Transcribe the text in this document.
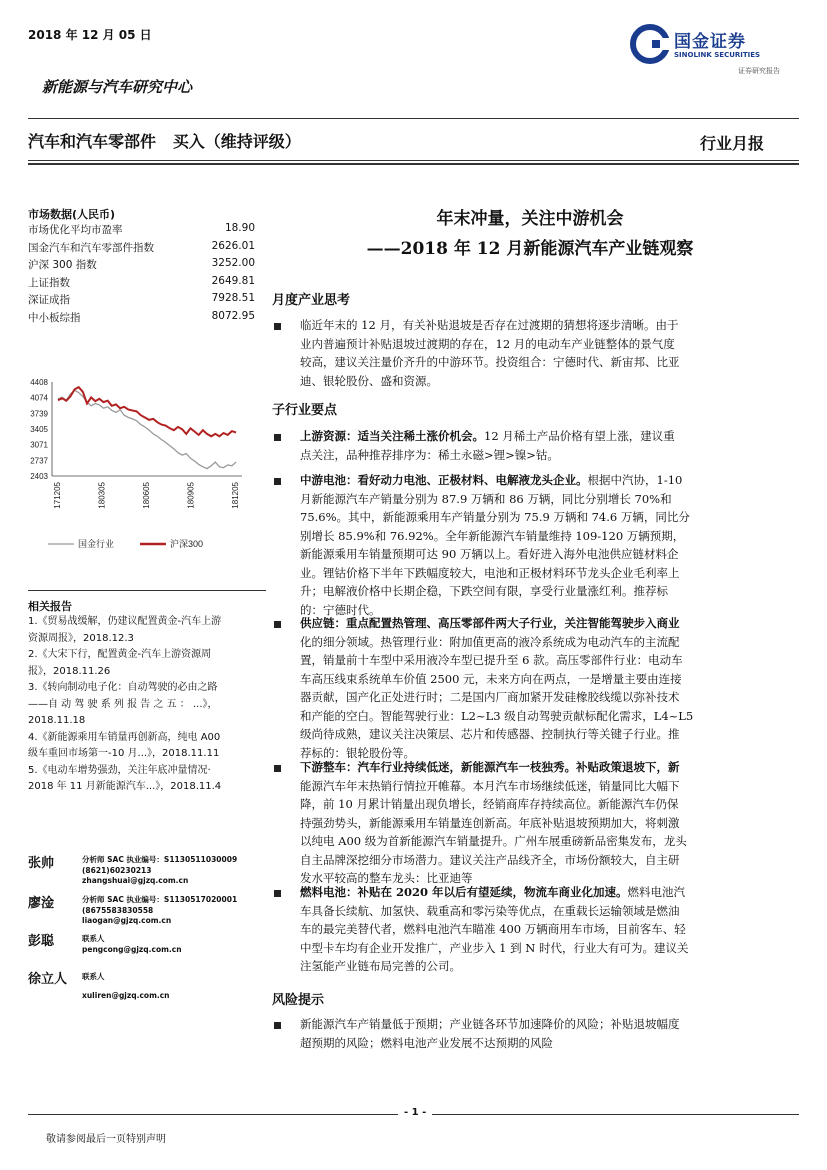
2018 年 12 月 05 日	国金证券
SINOLINK SECURITIES
证券研究报告
新能源与汽车研究中心
汽车和汽车零部件   买入（维持评级）	行业月报
市场数据(人民币)
市场优化平均市盈率	18.90
国金汽车和汽车零部件指数	2626.01
沪深 300 指数	3252.00
上证指数	2649.81
深证成指	7928.51
中小板综指	8072.95
4408
4074
3739
3405
3071
2737
2403
171205	180305	180605	180905	181205
国金行业	沪深300
相关报告
1.《贸易战缓解，仍建议配置黄金-汽车上游
资源周报》，2018.12.3
2.《大宋下行，配置黄金-汽车上游资源周
报》，2018.11.26
3.《转向制动电子化：自动驾驶的必由之路
——自 动 驾 驶 系 列 报 告 之 五 ： ...》，
2018.11.18
4.《新能源乘用车销量再创新高，纯电 A00
级车重回市场第一-10 月...》，2018.11.11
5.《电动车增势强劲，关注年底冲量情况·
2018 年 11 月新能源汽车...》，2018.11.4
张帅	分析师 SAC 执业编号：S1130511030009
(8621)60230213
zhangshuai@gjzq.com.cn
廖淦	分析师 SAC 执业编号：S1130517020001
(8675583830558
liaogan@gjzq.com.cn
彭聪	联系人
pengcong@gjzq.com.cn
徐立人 联系人
xuliren@gjzq.com.cn
年末冲量，关注中游机会
——2018 年 12 月新能源汽车产业链观察
月度产业思考
临近年末的 12 月，有关补贴退坡是否存在过渡期的猜想将逐步清晰。由于
业内普遍预计补贴退坡过渡期的存在，12 月的电动车产业链整体的景气度
较高，建议关注量价齐升的中游环节。投资组合：宁德时代、新宙邦、比亚
迪、银轮股份、盛和资源。
子行业要点
上游资源：适当关注稀土涨价机会。12 月稀土产品价格有望上涨，建议重
点关注，品种推荐排序为：稀土永磁>锂>镍>钴。
中游电池：看好动力电池、正极材料、电解液龙头企业。根据中汽协，1-10
月新能源汽车产销量分别为 87.9 万辆和 86 万辆，同比分别增长 70%和
75.6%。其中，新能源乘用车产销量分别为 75.9 万辆和 74.6 万辆，同比分
别增长 85.9%和 76.92%。全年新能源汽车销量维持 109-120 万辆预期，
新能源乘用车销量预期可达 90 万辆以上。看好进入海外电池供应链材料企
业。锂钴价格下半年下跌幅度较大，电池和正极材料环节龙头企业毛利率上
升；电解液价格中长期企稳，下跌空间有限，享受行业量涨红利。推荐标
的：宁德时代。
供应链：重点配置热管理、高压零部件两大子行业，关注智能驾驶步入商业
化的细分领域。热管理行业：附加值更高的液冷系统成为电动汽车的主流配
置，销量前十车型中采用液冷车型已提升至 6 款。高压零部件行业：电动车
车高压线束系统单车价值 2500 元，未来方向在两点，一是增量主要由连接
器贡献，国产化正处进行时；二是国内厂商加紧开发硅橡胶线缆以弥补技术
和产能的空白。智能驾驶行业：L2~L3 级自动驾驶贡献标配化需求，L4~L5
级尚待成熟，建议关注决策层、芯片和传感器、控制执行等关键子行业。推
荐标的：银轮股份等。
下游整车：汽车行业持续低迷，新能源汽车一枝独秀。补贴政策退坡下，新
能源汽车年末热销行情拉开帷幕。本月汽车市场继续低迷，销量同比大幅下
降，前 10 月累计销量出现负增长，经销商库存持续高位。新能源汽车仍保
持强劲势头，新能源乘用车销量连创新高。年底补贴退坡预期加大，将刺激
以纯电 A00 级为首新能源汽车销量提升。广州车展重磅新品密集发布，龙头
自主品牌深挖细分市场潜力。建议关注产品线齐全，市场份额较大，自主研
发水平较高的整车龙头：比亚迪等
燃料电池：补贴在 2020 年以后有望延续，物流车商业化加速。燃料电池汽
车具备长续航、加氢快、载重高和零污染等优点，在重载长运输领域是燃油
车的最完美替代者，燃料电池汽车瞄准 400 万辆商用车市场，目前客车、轻
中型卡车均有企业开发推广，产业步入 1 到 N 时代，行业大有可为。建议关
注氢能产业链布局完善的公司。
风险提示
新能源汽车产销量低于预期；产业链各环节加速降价的风险；补贴退坡幅度
超预期的风险；燃料电池产业发展不达预期的风险
- 1 -
敬请参阅最后一页特别声明
